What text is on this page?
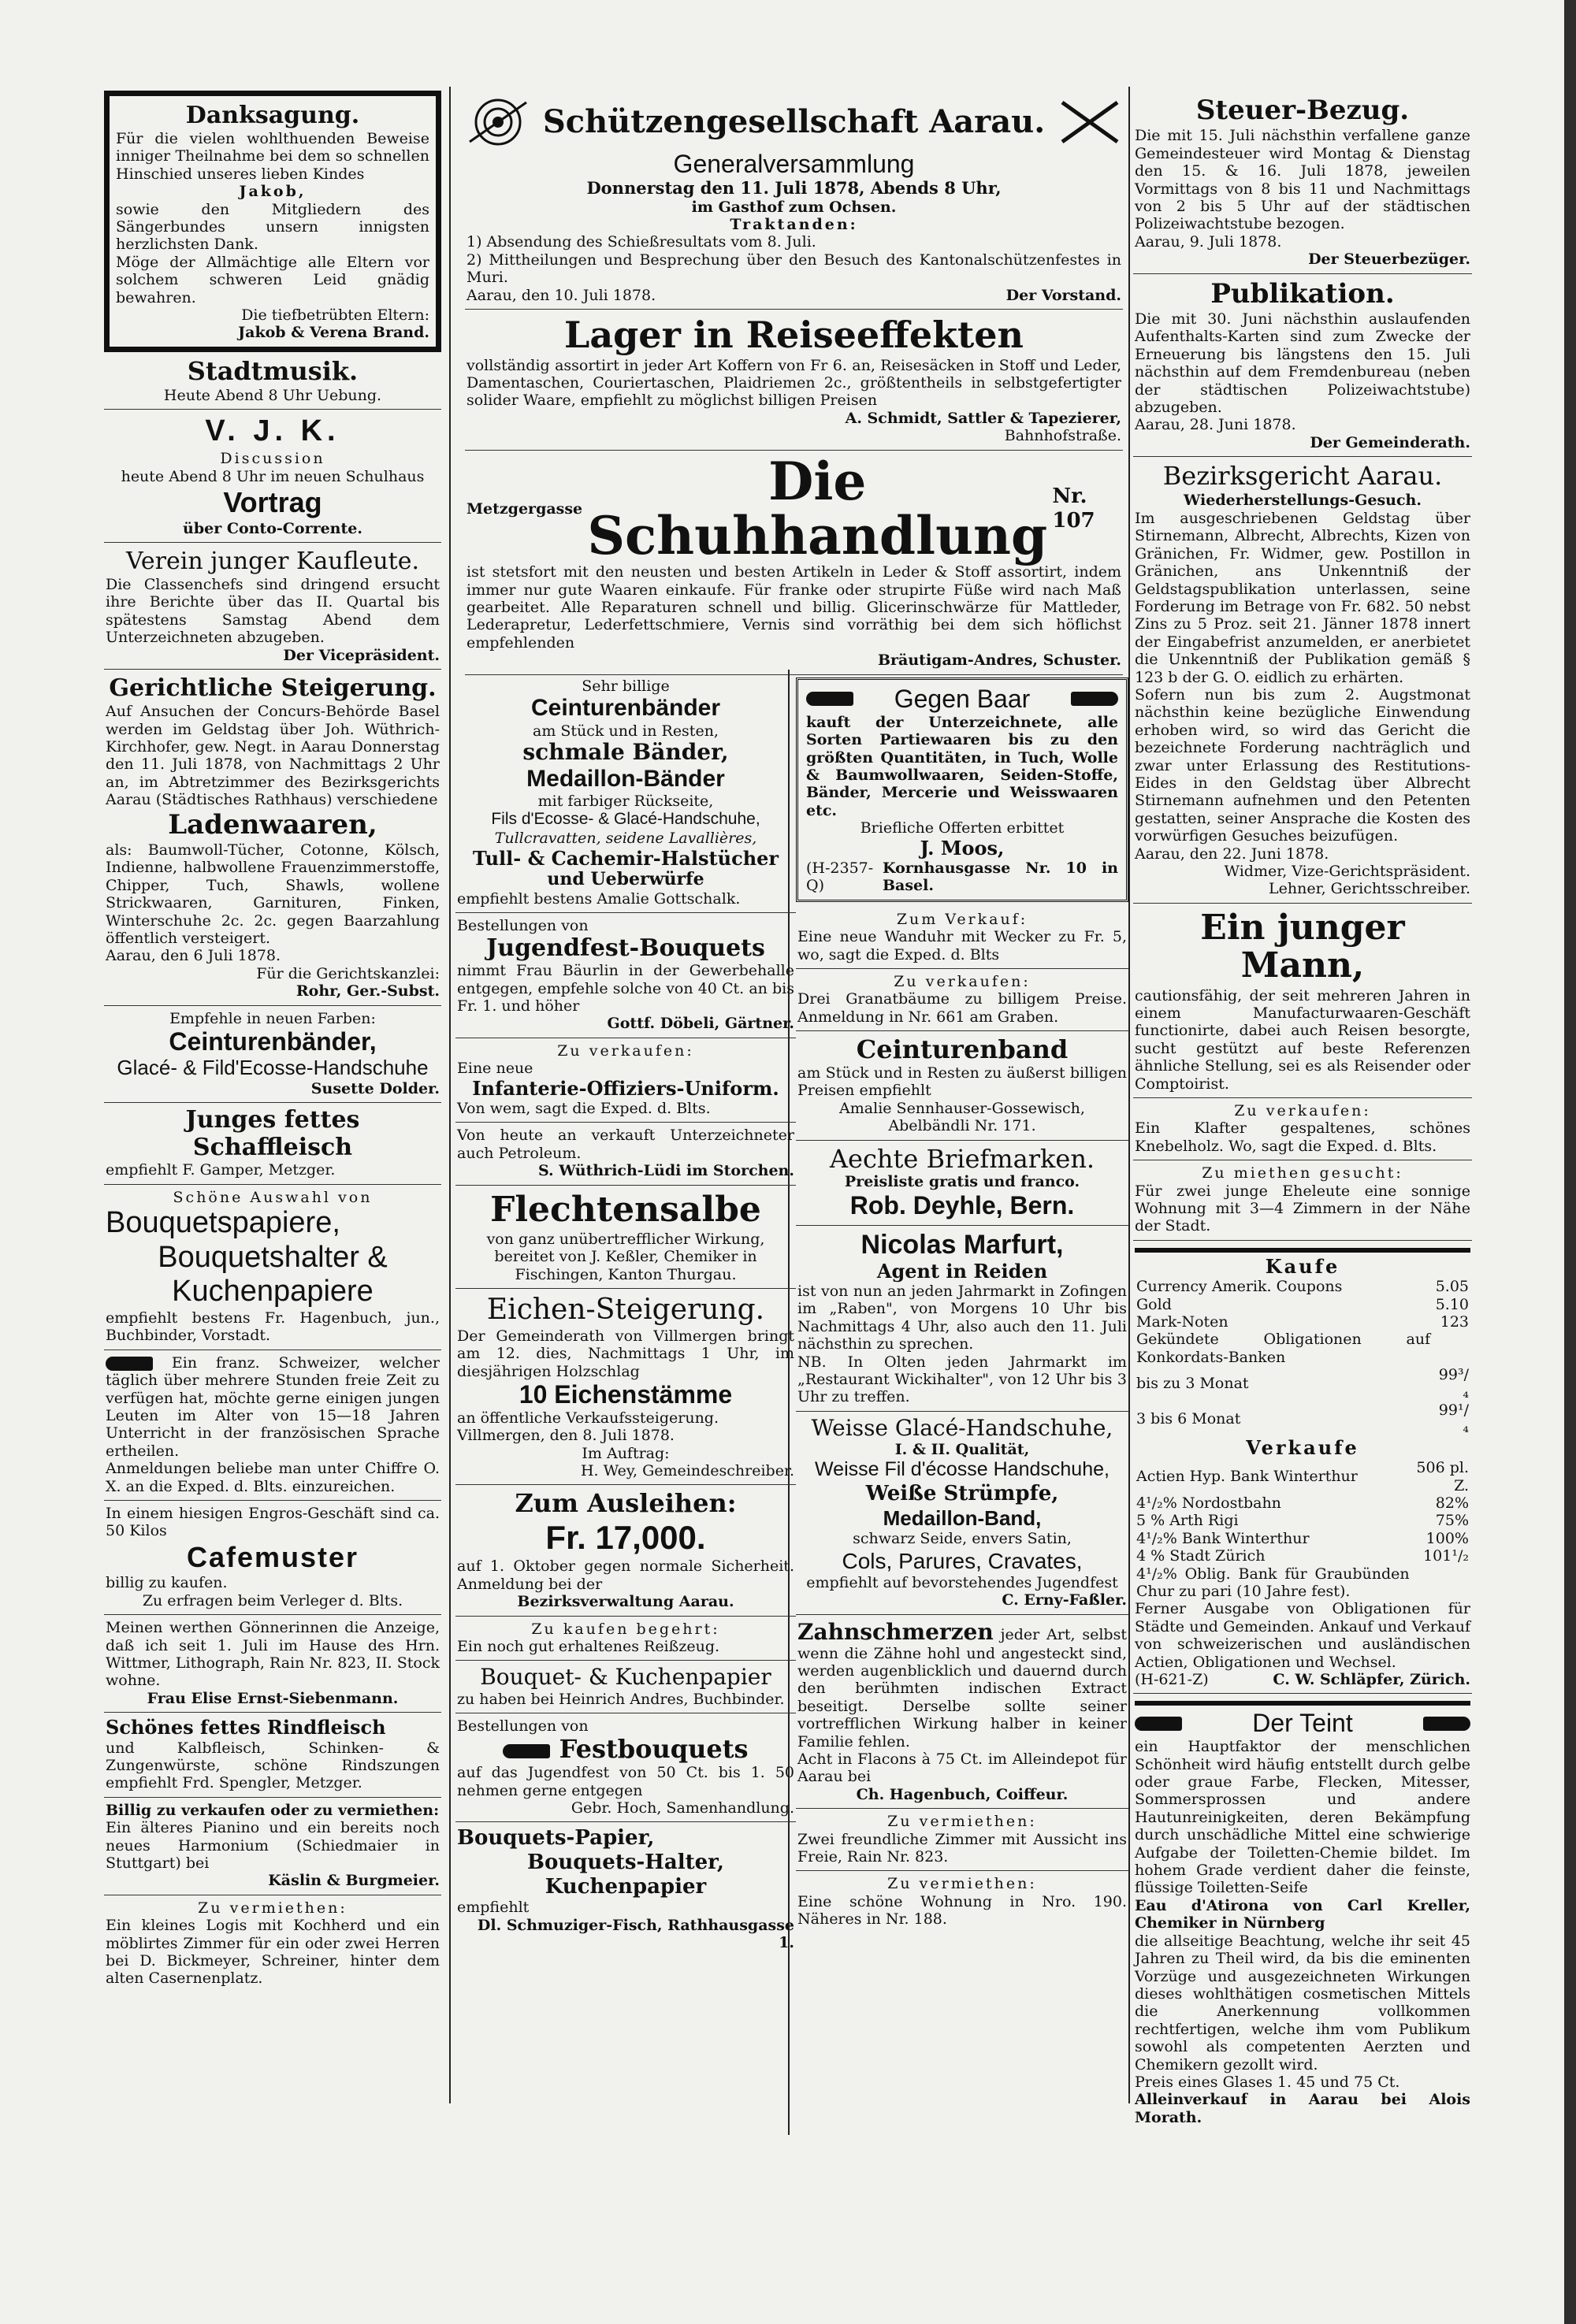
Danksagung.

Für die vielen wohlthuenden Beweise inniger Theilnahme bei dem so schnellen Hinschied unseres lieben Kindes

Jakob,

sowie den Mitgliedern des Sängerbundes unsern innigsten herzlichsten Dank.

Möge der Allmächtige alle Eltern vor solchem schweren Leid gnädig bewahren.

Die tiefbetrübten Eltern:

Jakob & Verena Brand.

Stadtmusik.

Heute Abend 8 Uhr Uebung.

V. J. K.

Discussion

heute Abend 8 Uhr im neuen Schulhaus

Vortrag

über Conto-Corrente.

Verein junger Kaufleute.

Die Classenchefs sind dringend ersucht ihre Berichte über das II. Quartal bis spätestens Samstag Abend dem Unterzeichneten abzugeben.

Der Vicepräsident.

Gerichtliche Steigerung.

Auf Ansuchen der Concurs-Behörde Basel werden im Geldstag über Joh. Wüthrich-Kirchhofer, gew. Negt. in Aarau Donnerstag den 11. Juli 1878, von Nachmittags 2 Uhr an, im Abtretzimmer des Bezirksgerichts Aarau (Städtisches Rathhaus) verschiedene

Ladenwaaren,

als: Baumwoll-Tücher, Cotonne, Kölsch, Indienne, halbwollene Frauenzimmerstoffe, Chipper, Tuch, Shawls, wollene Strickwaaren, Garnituren, Finken, Winterschuhe 2c. 2c. gegen Baarzahlung öffentlich versteigert.

Aarau, den 6 Juli 1878.

Für die Gerichtskanzlei:

Rohr, Ger.-Subst.

Empfehle in neuen Farben:

Ceinturenbänder,
Glacé- & Fild'Ecosse-Handschuhe

Susette Dolder.

Junges fettes Schaffleisch

empfiehlt F. Gamper, Metzger.

Schöne Auswahl von

Bouquetspapiere,
Bouquetshalter &
Kuchenpapiere

empfiehlt bestens Fr. Hagenbuch, jun., Buchbinder, Vorstadt.

Ein franz. Schweizer, welcher täglich über mehrere Stunden freie Zeit zu verfügen hat, möchte gerne einigen jungen Leuten im Alter von 15—18 Jahren Unterricht in der französischen Sprache ertheilen.

Anmeldungen beliebe man unter Chiffre O. X. an die Exped. d. Blts. einzureichen.

In einem hiesigen Engros-Geschäft sind ca. 50 Kilos

Cafemuster

billig zu kaufen.

Zu erfragen beim Verleger d. Blts.

Meinen werthen Gönnerinnen die Anzeige, daß ich seit 1. Juli im Hause des Hrn. Wittmer, Lithograph, Rain Nr. 823, II. Stock wohne.

Frau Elise Ernst-Siebenmann.

Schönes fettes Rindfleisch

und Kalbfleisch, Schinken- & Zungenwürste, schöne Rindszungen empfiehlt Frd. Spengler, Metzger.

Billig zu verkaufen oder zu vermiethen:

Ein älteres Pianino und ein bereits noch neues Harmonium (Schiedmaier in Stuttgart) bei

Käslin & Burgmeier.

Zu vermiethen:

Ein kleines Logis mit Kochherd und ein möblirtes Zimmer für ein oder zwei Herren bei D. Bickmeyer, Schreiner, hinter dem alten Casernenplatz.

Schützengesellschaft Aarau.
Generalversammlung

Donnerstag den 11. Juli 1878, Abends 8 Uhr,

im Gasthof zum Ochsen.

Traktanden:

1) Absendung des Schießresultats vom 8. Juli.

2) Mittheilungen und Besprechung über den Besuch des Kantonalschützenfestes in Muri.

Aarau, den 10. Juli 1878.	Der Vorstand.
Lager in Reiseeffekten

vollständig assortirt in jeder Art Koffern von Fr 6. an, Reisesäcken in Stoff und Leder, Damentaschen, Couriertaschen, Plaidriemen 2c., größtentheils in selbstgefertigter solider Waare, empfiehlt zu möglichst billigen Preisen

A. Schmidt, Sattler & Tapezierer,

Bahnhofstraße.

Metzgergasse	Die Schuhhandlung
Nr. 107

ist stetsfort mit den neusten und besten Artikeln in Leder & Stoff assortirt, indem immer nur gute Waaren einkaufe. Für franke oder strupirte Füße wird nach Maß gearbeitet. Alle Reparaturen schnell und billig. Glicerinschwärze für Mattleder, Lederapretur, Lederfettschmiere, Vernis sind vorräthig bei dem sich höflichst empfehlenden

Bräutigam-Andres, Schuster.

Sehr billige

Ceinturenbänder

am Stück und in Resten,

schmale Bänder,
Medaillon-Bänder

mit farbiger Rückseite,

Fils d'Ecosse- & Glacé-Handschuhe,

Tullcravatten, seidene Lavallières,

Tull- & Cachemir-Halstücher

und Ueberwürfe

empfiehlt bestens Amalie Gottschalk.

Bestellungen von

Jugendfest-Bouquets

nimmt Frau Bäurlin in der Gewerbehalle entgegen, empfehle solche von 40 Ct. an bis Fr. 1. und höher

Gottf. Döbeli, Gärtner.

Zu verkaufen:

Eine neue

Infanterie-Offiziers-Uniform.

Von wem, sagt die Exped. d. Blts.

Von heute an verkauft Unterzeichneter auch Petroleum.

S. Wüthrich-Lüdi im Storchen.

Flechtensalbe

von ganz unübertrefflicher Wirkung, bereitet von J. Keßler, Chemiker in Fischingen, Kanton Thurgau.

Eichen-Steigerung.

Der Gemeinderath von Villmergen bringt am 12. dies, Nachmittags 1 Uhr, im diesjährigen Holzschlag

10 Eichenstämme

an öffentliche Verkaufssteigerung.

Villmergen, den 8. Juli 1878.

Im Auftrag:

H. Wey, Gemeindeschreiber.

Zum Ausleihen:
Fr. 17,000.

auf 1. Oktober gegen normale Sicherheit. Anmeldung bei der

Bezirksverwaltung Aarau.

Zu kaufen begehrt:

Ein noch gut erhaltenes Reißzeug.

Bouquet- & Kuchenpapier

zu haben bei Heinrich Andres, Buchbinder.

Bestellungen von

Festbouquets

auf das Jugendfest von 50 Ct. bis 1. 50 nehmen gerne entgegen

Gebr. Hoch, Samenhandlung.

Bouquets-Papier,

Bouquets-Halter,

Kuchenpapier

empfiehlt

Dl. Schmuziger-Fisch, Rathhausgasse 1.

Gegen Baar

kauft der Unterzeichnete, alle Sorten Partiewaaren bis zu den größten Quantitäten, in Tuch, Wolle & Baumwollwaaren, Seiden-Stoffe, Bänder, Mercerie und Weisswaaren etc.

Briefliche Offerten erbittet

J. Moos,

(H-2357-Q)
Kornhausgasse Nr. 10 in Basel.

Zum Verkauf:

Eine neue Wanduhr mit Wecker zu Fr. 5, wo, sagt die Exped. d. Blts

Zu verkaufen:

Drei Granatbäume zu billigem Preise. Anmeldung in Nr. 661 am Graben.

Ceinturenband

am Stück und in Resten zu äußerst billigen Preisen empfiehlt

Amalie Sennhauser-Gossewisch, Abelbändli Nr. 171.

Aechte Briefmarken.

Preisliste gratis und franco.

Rob. Deyhle, Bern.
Nicolas Marfurt,

Agent in Reiden

ist von nun an jeden Jahrmarkt in Zofingen im „Raben", von Morgens 10 Uhr bis Nachmittags 4 Uhr, also auch den 11. Juli nächsthin zu sprechen.

NB. In Olten jeden Jahrmarkt im „Restaurant Wickihalter", von 12 Uhr bis 3 Uhr zu treffen.

Weisse Glacé-Handschuhe,

I. & II. Qualität,

Weisse Fil d'écosse Handschuhe,

Weiße Strümpfe,

Medaillon-Band,

schwarz Seide, envers Satin,

Cols, Parures, Cravates,

empfiehlt auf bevorstehendes Jugendfest

C. Erny-Faßler.

Zahnschmerzen jeder Art, selbst wenn die Zähne hohl und angesteckt sind, werden augenblicklich und dauernd durch den berühmten indischen Extract beseitigt. Derselbe sollte seiner vortrefflichen Wirkung halber in keiner Familie fehlen.

Acht in Flacons à 75 Ct. im Alleindepot für Aarau bei

Ch. Hagenbuch, Coiffeur.

Zu vermiethen:

Zwei freundliche Zimmer mit Aussicht ins Freie, Rain Nr. 823.

Zu vermiethen:

Eine schöne Wohnung in Nro. 190. Näheres in Nr. 188.

Steuer-Bezug.

Die mit 15. Juli nächsthin verfallene ganze Gemeindesteuer wird Montag & Dienstag den 15. & 16. Juli 1878, jeweilen Vormittags von 8 bis 11 und Nachmittags von 2 bis 5 Uhr auf der städtischen Polizeiwachtstube bezogen.

Aarau, 9. Juli 1878.

Der Steuerbezüger.

Publikation.

Die mit 30. Juni nächsthin auslaufenden Aufenthalts-Karten sind zum Zwecke der Erneuerung bis längstens den 15. Juli nächsthin auf dem Fremdenbureau (neben der städtischen Polizeiwachtstube) abzugeben.

Aarau, 28. Juni 1878.

Der Gemeinderath.

Bezirksgericht Aarau.

Wiederherstellungs-Gesuch.

Im ausgeschriebenen Geldstag über Stirnemann, Albrecht, Albrechts, Kizen von Gränichen, Fr. Widmer, gew. Postillon in Gränichen, ans Unkenntniß der Geldstagspublikation unterlassen, seine Forderung im Betrage von Fr. 682. 50 nebst Zins zu 5 Proz. seit 21. Jänner 1878 innert der Eingabefrist anzumelden, er anerbietet die Unkenntniß der Publikation gemäß § 123 b der G. O. eidlich zu erhärten.

Sofern nun bis zum 2. Augstmonat nächsthin keine bezügliche Einwendung erhoben wird, so wird das Gericht die bezeichnete Forderung nachträglich und zwar unter Erlassung des Restitutions-Eides in den Geldstag über Albrecht Stirnemann aufnehmen und den Petenten gestatten, seiner Ansprache die Kosten des vorwürfigen Gesuches beizufügen.

Aarau, den 22. Juni 1878.

Widmer, Vize-Gerichtspräsident.

Lehner, Gerichtsschreiber.

Ein junger Mann,

cautionsfähig, der seit mehreren Jahren in einem Manufacturwaaren-Geschäft functionirte, dabei auch Reisen besorgte, sucht gestützt auf beste Referenzen ähnliche Stellung, sei es als Reisender oder Comptoirist.

Zu verkaufen:

Ein Klafter gespaltenes, schönes Knebelholz. Wo, sagt die Exped. d. Blts.

Zu miethen gesucht:

Für zwei junge Eheleute eine sonnige Wohnung mit 3—4 Zimmern in der Nähe der Stadt.

Kaufe

Currency Amerik. Coupons	5.05
Gold	5.10
Mark-Noten	123
Gekündete Obligationen auf Konkordats-Banken	
bis zu 3 Monat	99³/₄
3 bis 6 Monat	99¹/₄

Verkaufe

Actien Hyp. Bank Winterthur	506 pl. Z.
4¹/₂% Nordostbahn	82%
5 % Arth Rigi	75%
4¹/₂% Bank Winterthur	100%
4 % Stadt Zürich	101¹/₂
4¹/₂% Oblig. Bank für Graubünden Chur zu pari (10 Jahre fest).	

Ferner Ausgabe von Obligationen für Städte und Gemeinden. Ankauf und Verkauf von schweizerischen und ausländischen Actien, Obligationen und Wechsel.

(H-621-Z)	C. W. Schläpfer, Zürich.
Der Teint

ein Hauptfaktor der menschlichen Schönheit wird häufig entstellt durch gelbe oder graue Farbe, Flecken, Mitesser, Sommersprossen und andere Hautunreinigkeiten, deren Bekämpfung durch unschädliche Mittel eine schwierige Aufgabe der Toiletten-Chemie bildet. Im hohem Grade verdient daher die feinste, flüssige Toiletten-Seife

Eau d'Atirona von Carl Kreller, Chemiker in Nürnberg

die allseitige Beachtung, welche ihr seit 45 Jahren zu Theil wird, da bis die eminenten Vorzüge und ausgezeichneten Wirkungen dieses wohlthätigen cosmetischen Mittels die Anerkennung vollkommen rechtfertigen, welche ihm vom Publikum sowohl als competenten Aerzten und Chemikern gezollt wird.

Preis eines Glases 1. 45 und 75 Ct.

Alleinverkauf in Aarau bei Alois Morath.
